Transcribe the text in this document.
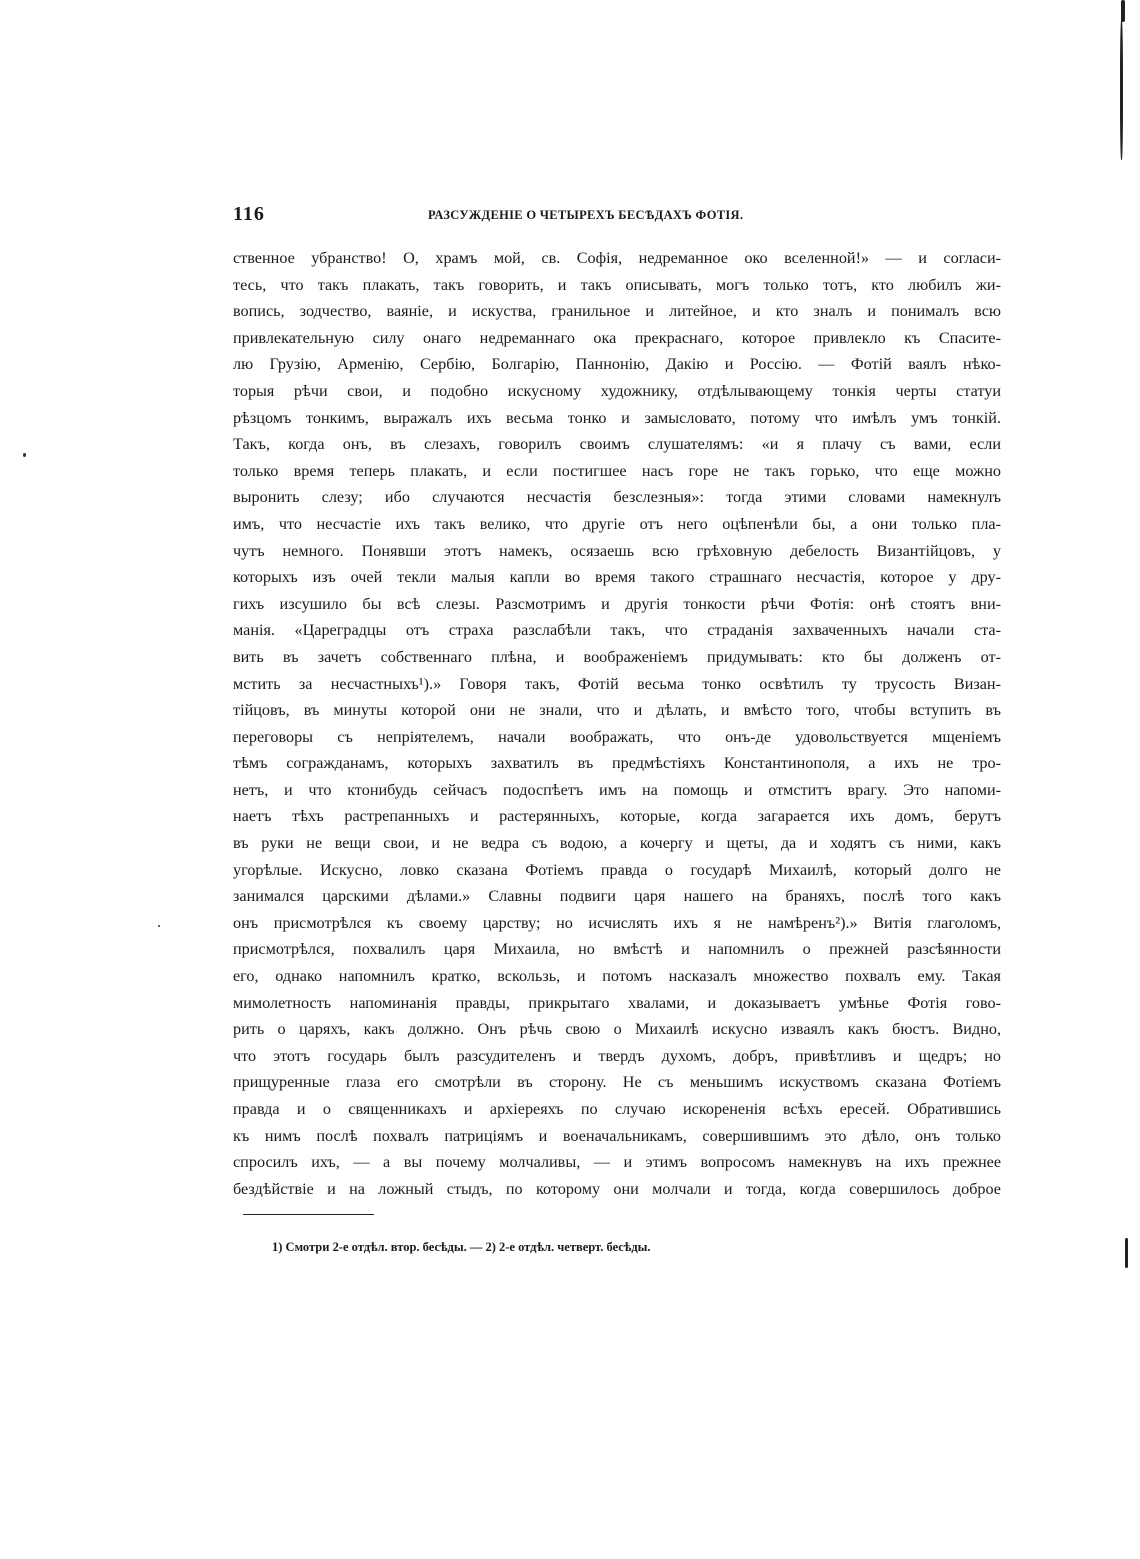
116	РАЗСУЖДЕНІЕ О ЧЕТЫРЕХЪ БЕСѢДАХЪ ФОТІЯ.
ственное убранство! О, храмъ мой, св. Софія, недреманное око вселенной!» — и согласи-
тесь, что такъ плакать, такъ говорить, и такъ описывать, могъ только тотъ, кто любилъ жи-
вопись, зодчество, ваяніе, и искуства, гранильное и литейное, и кто зналъ и понималъ всю
привлекательную силу онаго недреманнаго ока прекраснаго, которое привлекло къ Спасите-
лю Грузію, Арменію, Сербію, Болгарію, Паннонію, Дакію и Россію. — Фотій ваялъ нѣко-
торыя рѣчи свои, и подобно искусному художнику, отдѣлывающему тонкія черты статуи
рѣзцомъ тонкимъ, выражалъ ихъ весьма тонко и замысловато, потому что имѣлъ умъ тонкій.
Такъ, когда онъ, въ слезахъ, говорилъ своимъ слушателямъ: «и я плачу съ вами, если
только время теперь плакать, и если постигшее насъ горе не такъ горько, что еще можно
выронить слезу; ибо случаются несчастія безслезныя»: тогда этими словами намекнулъ
имъ, что несчастіе ихъ такъ велико, что другіе отъ него оцѣпенѣли бы, а они только пла-
чутъ немного. Понявши этотъ намекъ, осязаешь всю грѣховную дебелость Византійцовъ, у
которыхъ изъ очей текли малыя капли во время такого страшнаго несчастія, которое у дру-
гихъ изсушило бы всѣ слезы. Разсмотримъ и другія тонкости рѣчи Фотія: онѣ стоятъ вни-
манія. «Цареградцы отъ страха разслабѣли такъ, что страданія захваченныхъ начали ста-
вить въ зачетъ собственнаго плѣна, и воображеніемъ придумывать: кто бы долженъ от-
мстить за несчастныхъ¹).» Говоря такъ, Фотій весьма тонко освѣтилъ ту трусость Визан-
тійцовъ, въ минуты которой они не знали, что и дѣлать, и вмѣсто того, чтобы вступить въ
переговоры съ непріятелемъ, начали воображать, что онъ-де удовольствуется мщеніемъ
тѣмъ согражданамъ, которыхъ захватилъ въ предмѣстіяхъ Константинополя, а ихъ не тро-
нетъ, и что ктонибудь сейчасъ подоспѣетъ имъ на помощь и отмститъ врагу. Это напоми-
наетъ тѣхъ растрепанныхъ и растерянныхъ, которые, когда загарается ихъ домъ, берутъ
въ руки не вещи свои, и не ведра съ водою, а кочергу и щеты, да и ходятъ съ ними, какъ
угорѣлые. Искусно, ловко сказана Фотіемъ правда о государѣ Михаилѣ, который долго не
занимался царскими дѣлами.» Славны подвиги царя нашего на браняхъ, послѣ того какъ
онъ присмотрѣлся къ своему царству; но исчислять ихъ я не намѣренъ²).» Витія глаголомъ,
присмотрѣлся, похвалилъ царя Михаила, но вмѣстѣ и напомнилъ о прежней разсѣянности
его, однако напомнилъ кратко, вскользь, и потомъ насказалъ множество похвалъ ему. Такая
мимолетность напоминанія правды, прикрытаго хвалами, и доказываетъ умѣнье Фотія гово-
рить о царяхъ, какъ должно. Онъ рѣчь свою о Михаилѣ искусно изваялъ какъ бюстъ. Видно,
что этотъ государь былъ разсудителенъ и твердъ духомъ, добръ, привѣтливъ и щедръ; но
прищуренные глаза его смотрѣли въ сторону. Не съ меньшимъ искуствомъ сказана Фотіемъ
правда и о священникахъ и архіереяхъ по случаю искорененія всѣхъ ересей. Обратившись
къ нимъ послѣ похвалъ патриціямъ и военачальникамъ, совершившимъ это дѣло, онъ только
спросилъ ихъ, — а вы почему молчаливы, — и этимъ вопросомъ намекнувъ на ихъ прежнее
бездѣйствіе и на ложный стыдъ, по которому они молчали и тогда, когда совершилось доброе
1) Смотри 2-е отдѣл. втор. бесѣды. — 2) 2-е отдѣл. четверт. бесѣды.
